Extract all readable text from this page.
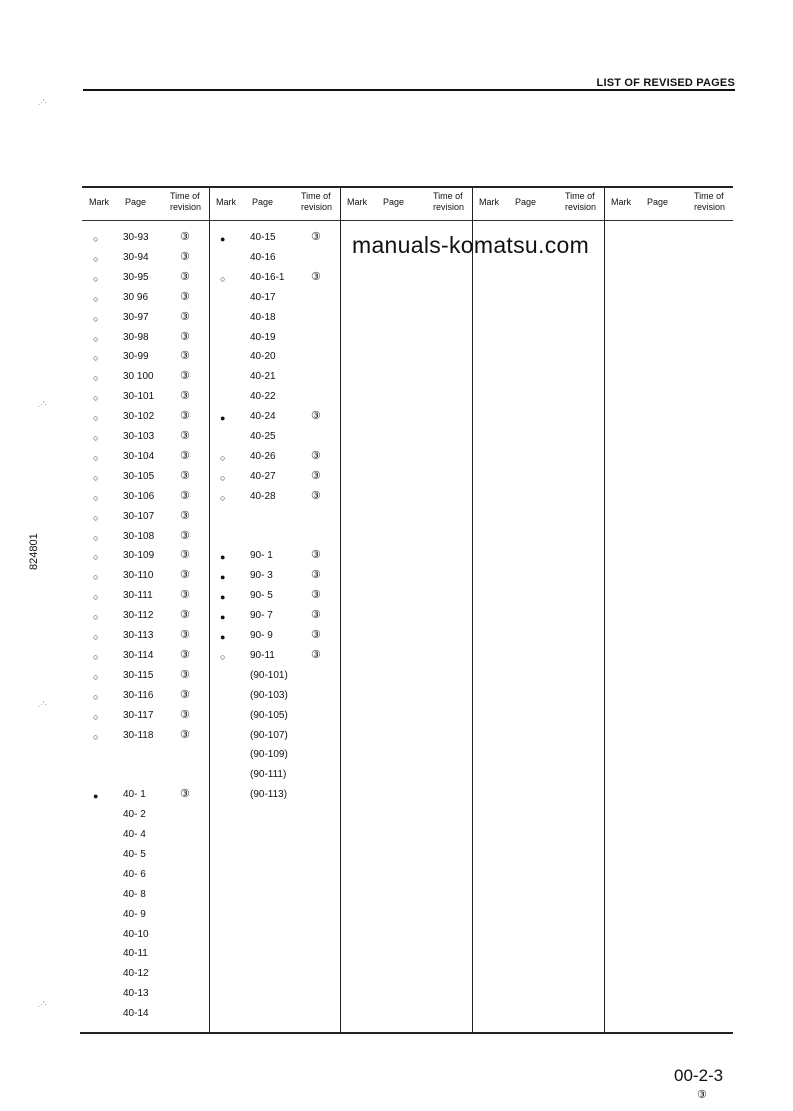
LIST OF REVISED PAGES
Mark Page
Time of
revision
○ 30-93	③
○ 30-94	③
○ 30-95	③
○ 30 96	③
○ 30-97	③
○ 30-98	③
○ 30-99	③
○ 30 100 ③
○ 30-101 ③
○ 30-102 ③
○ 30-103 ③
○ 30-104 ③
○ 30-105 ③
○ 30-106 ③
○ 30-107 ③
○ 30-108 ③
○ 30-109 ③
○ 30-110 ③
○ 30-111 ③
○ 30-112 ③
○ 30-113 ③
○ 30-114 ③
○ 30-115 ③
○ 30-116 ③
○ 30-117 ③
○ 30-118 ③
● 40- 1	③
40- 2
40- 4
40- 5
40- 6
40- 8
40- 9
40-10
40-11
40-12
40-13
40-14
Mark Page
Time of
revision
● 40-15	③
40-16
○ 40-16-1 ③
40-17
40-18
40-19
40-20
40-21
40-22
● 40-24	③
40-25
○ 40-26	③
○ 40-27	③
○ 40-28	③
● 90- 1	③
● 90- 3	③
● 90- 5	③
● 90- 7	③
● 90- 9	③
○ 90-11	③
(90-101)
(90-103)
(90-105)
(90-107)
(90-109)
(90-111)
(90-113)
Mark Page
Time of
revision Mark Page
Time of
revision Mark Page
Time of
revision
manuals-komatsu.com
824801
00-2-3
③
.·'·
.·'·
.·'·
.·'·
